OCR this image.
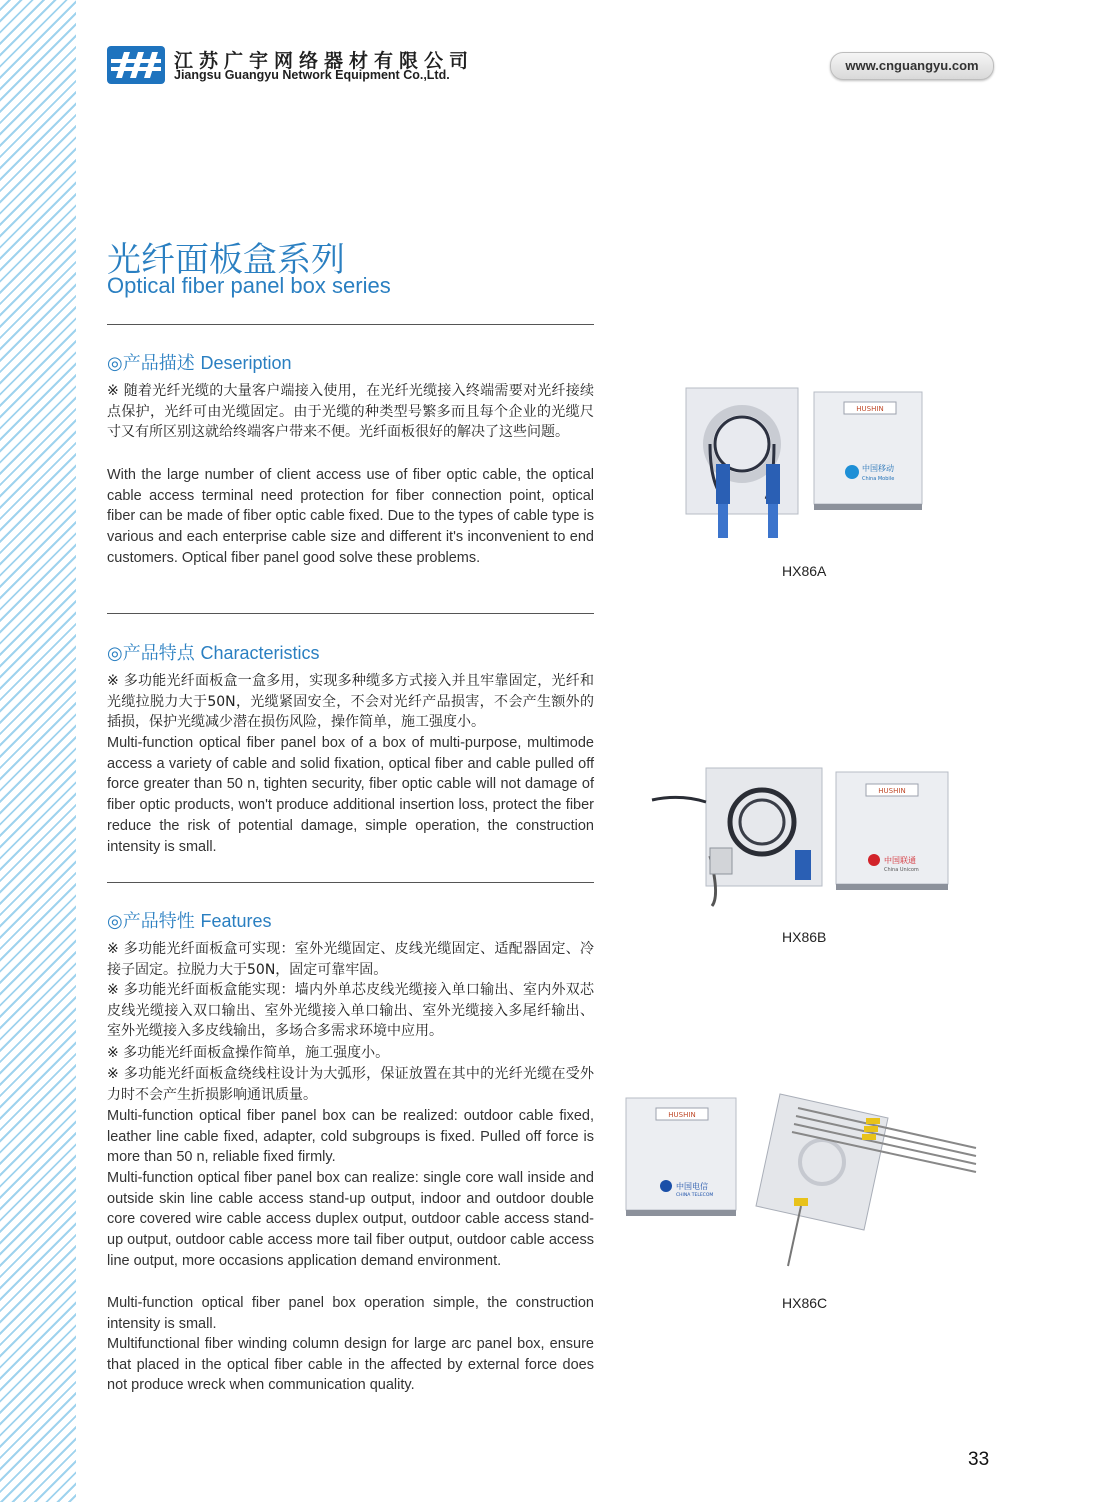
江苏广宇网络器材有限公司
Jiangsu Guangyu Network Equipment Co.,Ltd.
www.cnguangyu.com
光纤面板盒系列
Optical fiber panel box series
◎产品描述 Deseription

※ 随着光纤光缆的大量客户端接入使用，在光纤光缆接入终端需要对光纤接续点保护，光纤可由光缆固定。由于光缆的种类型号繁多而且每个企业的光缆尺寸又有所区别这就给终端客户带来不便。光纤面板很好的解决了这些问题。

With the large number of client access use of fiber optic cable, the optical cable access terminal need protection for fiber connection point, optical fiber can be made of fiber optic cable fixed. Due to the types of cable type is various and each enterprise cable size and different it's inconvenient to end customers. Optical fiber panel good solve these problems.

◎产品特点 Characteristics

※ 多功能光纤面板盒一盒多用，实现多种缆多方式接入并且牢靠固定，光纤和光缆拉脱力大于50N，光缆紧固安全，不会对光纤产品损害，不会产生额外的插损，保护光缆减少潜在损伤风险，操作简单，施工强度小。

Multi-function optical fiber panel box of a box of multi-purpose, multimode access a variety of cable and solid fixation, optical fiber and cable pulled off force greater than 50 n, tighten security, fiber optic cable will not damage of fiber optic products, won't produce additional insertion loss, protect the fiber reduce the risk of potential damage, simple operation, the construction intensity is small.

◎产品特性 Features

※ 多功能光纤面板盒可实现：室外光缆固定、皮线光缆固定、适配器固定、冷接子固定。拉脱力大于50N，固定可靠牢固。

※ 多功能光纤面板盒能实现：墙内外单芯皮线光缆接入单口输出、室内外双芯皮线光缆接入双口输出、室外光缆接入单口输出、室外光缆接入多尾纤输出、室外光缆接入多皮线输出，多场合多需求环境中应用。

※ 多功能光纤面板盒操作简单，施工强度小。

※ 多功能光纤面板盒绕线柱设计为大弧形，保证放置在其中的光纤光缆在受外力时不会产生折损影响通讯质量。

Multi-function optical fiber panel box can be realized: outdoor cable fixed, leather line cable fixed, adapter, cold subgroups is fixed. Pulled off force is more than 50 n, reliable fixed firmly.

Multi-function optical fiber panel box can realize: single core wall inside and outside skin line cable access stand-up output, indoor and outdoor double core covered wire cable access duplex output, outdoor cable access stand-up output, outdoor cable access more tail fiber output, outdoor cable access line output, more occasions application demand environment.

Multi-function optical fiber panel box operation simple, the construction intensity is small.

Multifunctional fiber winding column design for large arc panel box, ensure that placed in the optical fiber cable in the affected by external force does not produce wreck when communication quality.

HUSHIN
中国移动
China Mobile
HX86A
HUSHIN
中国联通
China Unicom
HX86B
HUSHIN
中国电信
CHINA TELECOM
HX86C
33
